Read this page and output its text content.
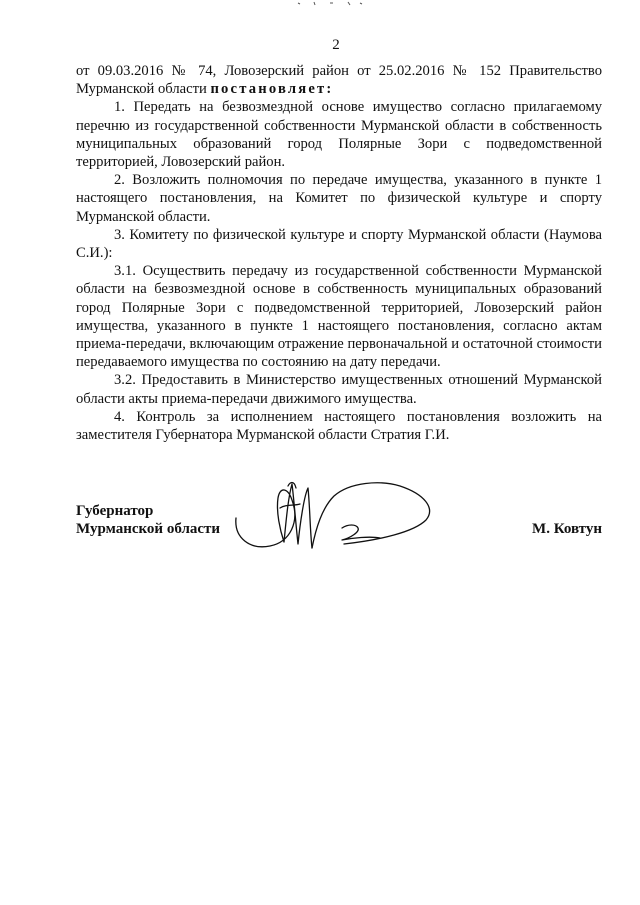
2

от 09.03.2016 № 74, Ловозерский район от 25.02.2016 № 152 Правительство Мурманской области постановляет:

1. Передать на безвозмездной основе имущество согласно прилагаемому перечню из государственной собственности Мурманской области в собственность муниципальных образований город Полярные Зори с подведомственной территорией, Ловозерский район.

2. Возложить полномочия по передаче имущества, указанного в пункте 1 настоящего постановления, на Комитет по физической культуре и спорту Мурманской области.

3. Комитету по физической культуре и спорту Мурманской области (Наумова С.И.):

3.1. Осуществить передачу из государственной собственности Мурманской области на безвозмездной основе в собственность муниципальных образований город Полярные Зори с подведомственной территорией, Ловозерский район имущества, указанного в пункте 1 настоящего постановления, согласно актам приема-передачи, включающим отражение первоначальной и остаточной стоимости передаваемого имущества по состоянию на дату передачи.

3.2. Предоставить в Министерство имущественных отношений Мурманской области акты приема-передачи движимого имущества.

4. Контроль за исполнением настоящего постановления возложить на заместителя Губернатора Мурманской области Стратия Г.И.

Губернатор
Мурманской области	М. Ковтун
